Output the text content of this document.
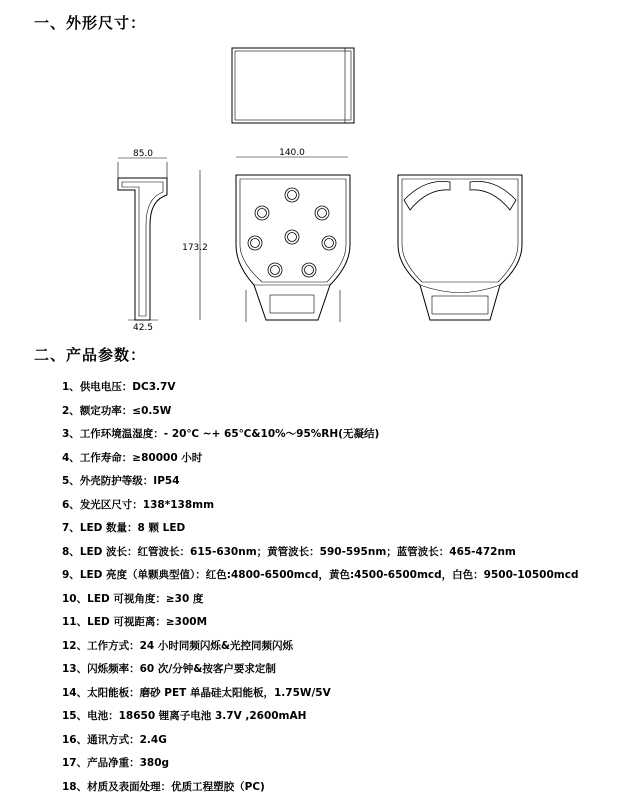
一、外形尺寸：
85.0
42.5
140.0
173.2
二、产品参数：
1、供电电压：DC3.7V
2、额定功率：≤0.5W
3、工作环境温湿度：- 20℃ ~+ 65℃&10%～95%RH(无凝结)
4、工作寿命：≥80000 小时
5、外壳防护等级：IP54
6、发光区尺寸：138*138mm
7、LED 数量：8 颗 LED
8、LED 波长：红管波长：615-630nm；黄管波长：590-595nm；蓝管波长：465-472nm
9、LED 亮度（单颗典型值）：红色:4800-6500mcd，黄色:4500-6500mcd，白色：9500-10500mcd
10、LED 可视角度：≥30 度
11、LED 可视距离：≥300M
12、工作方式：24 小时同频闪烁&光控同频闪烁
13、闪烁频率：60 次/分钟&按客户要求定制
14、太阳能板：磨砂 PET 单晶硅太阳能板，1.75W/5V
15、电池：18650 锂离子电池 3.7V ,2600mAH
16、通讯方式：2.4G
17、产品净重：380g
18、材质及表面处理：优质工程塑胶（PC)
